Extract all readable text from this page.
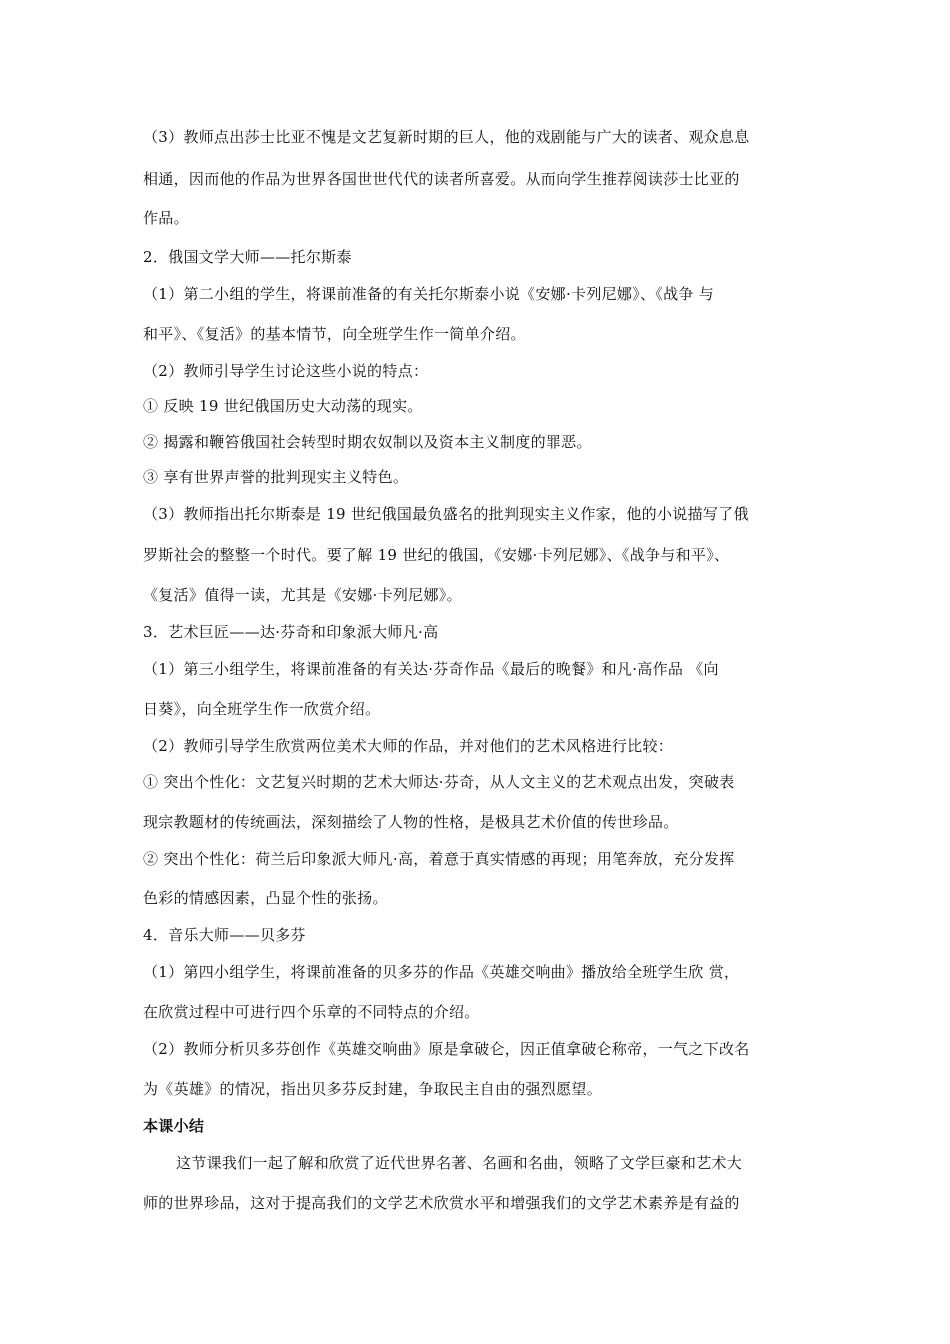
（3）教师点出莎士比亚不愧是文艺复新时期的巨人，他的戏剧能与广大的读者、观众息息
相通，因而他的作品为世界各国世世代代的读者所喜爱。从而向学生推荐阅读莎士比亚的
作品。
2．俄国文学大师——托尔斯泰
（1）第二小组的学生，将课前准备的有关托尔斯泰小说《安娜·卡列尼娜》、《战争 与
和平》、《复活》的基本情节，向全班学生作一简单介绍。
（2）教师引导学生讨论这些小说的特点：
① 反映 19 世纪俄国历史大动荡的现实。
② 揭露和鞭笞俄国社会转型时期农奴制以及资本主义制度的罪恶。
③ 享有世界声誉的批判现实主义特色。
（3）教师指出托尔斯泰是 19 世纪俄国最负盛名的批判现实主义作家，他的小说描写了俄
罗斯社会的整整一个时代。要了解 19 世纪的俄国，《安娜·卡列尼娜》、《战争与和平》、
《复活》值得一读，尤其是《安娜·卡列尼娜》。
3．艺术巨匠——达·芬奇和印象派大师凡·高
（1）第三小组学生，将课前准备的有关达·芬奇作品《最后的晚餐》和凡·高作品 《向
日葵》，向全班学生作一欣赏介绍。
（2）教师引导学生欣赏两位美术大师的作品，并对他们的艺术风格进行比较：
① 突出个性化：文艺复兴时期的艺术大师达·芬奇，从人文主义的艺术观点出发，突破表
现宗教题材的传统画法，深刻描绘了人物的性格，是极具艺术价值的传世珍品。
② 突出个性化：荷兰后印象派大师凡·高，着意于真实情感的再现；用笔奔放，充分发挥
色彩的情感因素，凸显个性的张扬。
4．音乐大师——贝多芬
（1）第四小组学生，将课前准备的贝多芬的作品《英雄交响曲》播放给全班学生欣 赏，
在欣赏过程中可进行四个乐章的不同特点的介绍。
（2）教师分析贝多芬创作《英雄交响曲》原是拿破仑，因正值拿破仑称帝，一气之下改名
为《英雄》的情况，指出贝多芬反封建，争取民主自由的强烈愿望。
本课小结
这节课我们一起了解和欣赏了近代世界名著、名画和名曲，领略了文学巨豪和艺术大
师的世界珍品，这对于提高我们的文学艺术欣赏水平和增强我们的文学艺术素养是有益的
